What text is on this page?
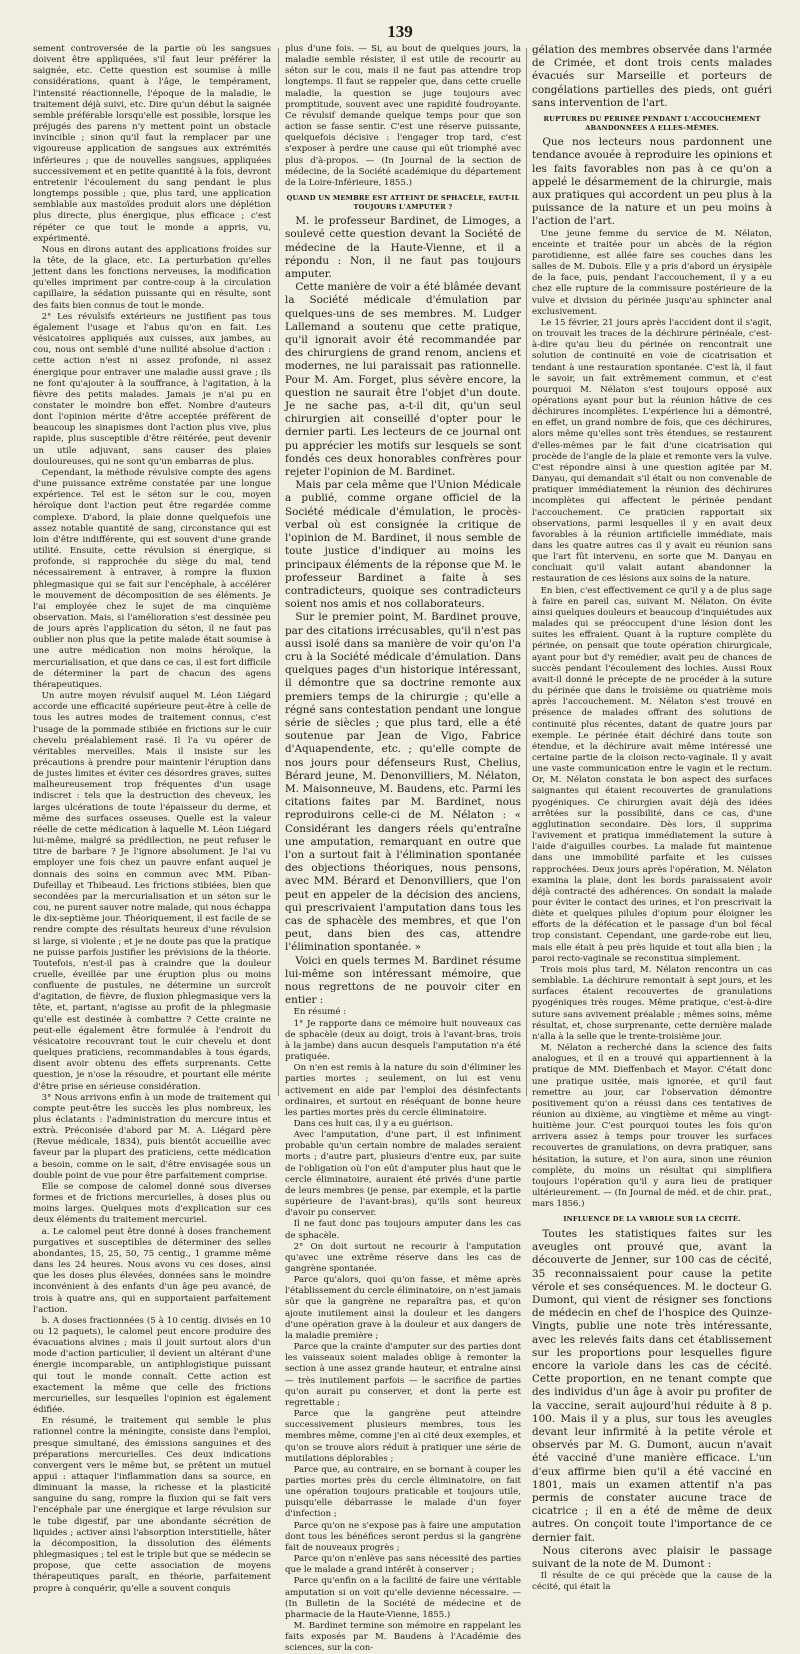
139

sement controversée de la partie où les sangsues doivent être appliquées, s'il faut leur préférer la saignée, etc. Cette question est soumise à mille considérations, quant à l'âge, le tempérament, l'intensité réactionnelle, l'époque de la maladie, le traitement déjà suivi, etc. Dire qu'un début la saignée semble préférable lorsqu'elle est possible, lorsque les préjugés des parens n'y mettent point un obstacle invincible ; sinon qu'il faut la remplacer par une vigoureuse application de sangsues aux extrémités inférieures ; que de nouvelles sangsues, appliquées successivement et en petite quantité à la fois, devront entretenir l'écoulement du sang pendant le plus longtemps possible ; que, plus tard, une application semblable aux mastoïdes produit alors une déplétion plus directe, plus énergique, plus efficace ; c'est répéter ce que tout le monde a appris, vu, expérimenté.

Nous en dirons autant des applications froides sur la tête, de la glace, etc. La perturbation qu'elles jettent dans les fonctions nerveuses, la modification qu'elles impriment par contre-coup à la circulation capillaire, la sédation puissante qui en résulte, sont des faits bien connus de tout le monde.

2° Les révulsifs extérieurs ne justifient pas tous également l'usage et l'abus qu'on en fait. Les vésicatoires appliqués aux cuisses, aux jambes, au cou, nous ont semblé d'une nullité absolue d'action : cette action n'est ni assez profonde, ni assez énergique pour entraver une maladie aussi grave ; ils ne font qu'ajouter à la souffrance, à l'agitation, à la fièvre des petits malades. Jamais je n'ai pu en constater le moindre bon effet. Nombre d'auteurs dont l'opinion mérite d'être acceptée préfèrent de beaucoup les sinapismes dont l'action plus vive, plus rapide, plus susceptible d'être réitérée, peut devenir un utile adjuvant, sans causer des plaies douloureuses, qui ne sont qu'un embarras de plus.

Cependant, la méthode révulsive compte des agens d'une puissance extrême constatée par une longue expérience. Tel est le séton sur le cou, moyen héroïque dont l'action peut être regardée comme complexe. D'abord, la plaie donne quelquefois une assez notable quantité de sang, circonstance qui est loin d'être indifférente, qui est souvent d'une grande utilité. Ensuite, cette révulsion si énergique, si profonde, si rapprochée du siège du mal, tend nécessairement à entraver, à rompre la fluxion phlegmasique qui se fait sur l'encéphale, à accélérer le mouvement de décomposition de ses éléments. Je l'ai employée chez le sujet de ma cinquième observation. Mais, si l'amélioration s'est dessinée peu de jours après l'application du séton, il ne faut pas oublier non plus que la petite malade était soumise à une autre médication non moins héroïque, la mercurialisation, et que dans ce cas, il est fort difficile de déterminer la part de chacun des agens thérapeutiques.

Un autre moyen révulsif auquel M. Léon Liégard accorde une efficacité supérieure peut-être à celle de tous les autres modes de traitement connus, c'est l'usage de la pommade stibiée en frictions sur le cuir chevelu préalablement rasé. Il l'a vu opérer de véritables merveilles. Mais il insiste sur les précautions à prendre pour maintenir l'éruption dans de justes limites et éviter ces désordres graves, suites malheureusement trop fréquentes d'un usage indiscret : tels que la destruction des cheveux, les larges ulcérations de toute l'épaisseur du derme, et même des surfaces osseuses. Quelle est la valeur réelle de cette médication à laquelle M. Léon Liégard lui-même, malgré sa prédilection, ne peut refuser le titre de barbare ? Je l'ignore absolument. Je l'ai vu employer une fois chez un pauvre enfant auquel je donnais des soins en commun avec MM. Piban-Dufeillay et Thibeaud. Les frictions stibiées, bien que secondées par la mercurialisation et un séton sur le cou, ne purent sauver notre malade, qui nous échappa le dix-septième jour. Théoriquement, il est facile de se rendre compte des résultats heureux d'une révulsion si large, si violente ; et je ne doute pas que la pratique ne puisse parfois justifier les prévisions de la théorie. Toutefois, n'est-il pas à craindre que la douleur cruelle, éveillée par une éruption plus ou moins confluente de pustules, ne détermine un surcroît d'agitation, de fièvre, de fluxion phlegmasique vers la tête, et, partant, n'agisse au profit de la phlegmasie qu'elle est destinée à combattre ? Cette crainte ne peut-elle également être formulée à l'endroit du vésicatoire recouvrant tout le cuir chevelu et dont quelques praticiens, recommandables à tous égards, disent avoir obtenu des effets surprenants. Cette question, je n'ose la résoudre, et pourtant elle mérite d'être prise en sérieuse considération.

3° Nous arrivons enfin à un mode de traitement qui compte peut-être les succès les plus nombreux, les plus éclatants : l'administration du mercure intus et extrà. Préconisée d'abord par M. A. Liégard père (Revue médicale, 1834), puis bientôt accueillie avec faveur par la plupart des praticiens, cette médication a besoin, comme on le sait, d'être envisagée sous un double point de vue pour être parfaitement comprise.

Elle se compose de calomel donné sous diverses formes et de frictions mercurielles, à doses plus ou moins larges. Quelques mots d'explication sur ces deux éléments du traitement mercuriel.

a. Le calomel peut être donné à doses franchement purgatives et susceptibles de déterminer des selles abondantes, 15, 25, 50, 75 centig., 1 gramme même dans les 24 heures. Nous avons vu ces doses, ainsi que les doses plus élevées, données sans le moindre inconvénient à des enfants d'un âge peu avancé, de trois à quatre ans, qui en supportaient parfaitement l'action.

b. A doses fractionnées (5 à 10 centig. divisés en 10 ou 12 paquets), le calomel peut encore produire des évacuations alvines ; mais il jouit surtout alors d'un mode d'action particulier, il devient un altérant d'une énergie incomparable, un antiphlogistique puissant qui tout le monde connaît. Cette action est exactement la même que celle des frictions mercurielles, sur lesquelles l'opinion est également édifiée.

En résumé, le traitement qui semble le plus rationnel contre la méningite, consiste dans l'emploi, presque simultané, des émissions sanguines et des préparations mercurielles. Ces deux indications convergent vers le même but, se prêtent un mutuel appui : attaquer l'inflammation dans sa source, en diminuant la masse, la richesse et la plasticité sanguine du sang, rompre la fluxion qui se fait vers l'encéphale par une énergique et large révulsion sur le tube digestif, par une abondante sécrétion de liquides ; activer ainsi l'absorption interstitielle, hâter la décomposition, la dissolution des éléments phlegmasiques ; tel est le triple but que se médecin se propose, que cette association de moyens thérapeutiques paraît, en théorie, parfaitement propre à conquérir, qu'elle a souvent conquis

plus d'une fois. — Si, au bout de quelques jours, la maladie semble résister, il est utile de recourir au séton sur le cou, mais il ne faut pas attendre trop longtemps. Il faut se rappeler que, dans cette cruelle maladie, la question se juge toujours avec promptitude, souvent avec une rapidité foudroyante. Ce révulsif demande quelque temps pour que son action se fasse sentir. C'est une réserve puissante, quelquefois décisive : l'engager trop tard, c'est s'exposer à perdre une cause qui eût triomphé avec plus d'à-propos. — (In Journal de la section de médecine, de la Société académique du département de la Loire-Inférieure, 1855.)

QUAND UN MEMBRE EST ATTEINT DE SPHACÈLE, FAUT-IL TOUJOURS L'AMPUTER ?

M. le professeur Bardinet, de Limoges, a soulevé cette question devant la Société de médecine de la Haute-Vienne, et il a répondu : Non, il ne faut pas toujours amputer.

Cette manière de voir a été blâmée devant la Société médicale d'émulation par quelques-uns de ses membres. M. Ludger Lallemand a soutenu que cette pratique, qu'il ignorait avoir été recommandée par des chirurgiens de grand renom, anciens et modernes, ne lui paraissait pas rationnelle. Pour M. Am. Forget, plus sévère encore, la question ne saurait être l'objet d'un doute. Je ne sache pas, a-t-il dit, qu'un seul chirurgien ait conseillé d'opter pour le dernier parti. Les lecteurs de ce journal ont pu apprécier les motifs sur lesquels se sont fondés ces deux honorables confrères pour rejeter l'opinion de M. Bardinet.

Mais par cela même que l'Union Médicale a publié, comme organe officiel de la Société médicale d'émulation, le procès-verbal où est consignée la critique de l'opinion de M. Bardinet, il nous semble de toute justice d'indiquer au moins les principaux éléments de la réponse que M. le professeur Bardinet a faite à ses contradicteurs, quoique ses contradicteurs soient nos amis et nos collaborateurs.

Sur le premier point, M. Bardinet prouve, par des citations irrécusables, qu'il n'est pas aussi isolé dans sa manière de voir qu'on l'a cru à la Société médicale d'émulation. Dans quelques pages d'un historique intéressant, il démontre que sa doctrine remonte aux premiers temps de la chirurgie ; qu'elle a régné sans contestation pendant une longue série de siècles ; que plus tard, elle a été soutenue par Jean de Vigo, Fabrice d'Aquapendente, etc. ; qu'elle compte de nos jours pour défenseurs Rust, Chelius, Bérard jeune, M. Denonvilliers, M. Nélaton, M. Maisonneuve, M. Baudens, etc. Parmi les citations faites par M. Bardinet, nous reproduirons celle-ci de M. Nélaton : « Considérant les dangers réels qu'entraîne une amputation, remarquant en outre que l'on a surtout fait à l'élimination spontanée des objections théoriques, nous pensons, avec MM. Bérard et Denonvilliers, que l'on peut en appeler de la décision des anciens, qui prescrivaient l'amputation dans tous les cas de sphacèle des membres, et que l'on peut, dans bien des cas, attendre l'élimination spontanée. »

Voici en quels termes M. Bardinet résume lui-même son intéressant mémoire, que nous regrettons de ne pouvoir citer en entier :

En résumé :

1° Je rapporte dans ce mémoire huit nouveaux cas de sphacèle (deux au doigt, trois à l'avant-bras, trois à la jambe) dans aucun desquels l'amputation n'a été pratiquée.

On n'en est remis à la nature du soin d'éliminer les parties mortes ; seulement, on lui est venu activement en aide par l'emploi des désinfectants ordinaires, et surtout en réséquant de bonne heure les parties mortes près du cercle éliminatoire.

Dans ces huit cas, il y a eu guérison.

Avec l'amputation, d'une part, il est infiniment probable qu'un certain nombre de malades seraient morts ; d'autre part, plusieurs d'entre eux, par suite de l'obligation où l'on eût d'amputer plus haut que le cercle éliminatoire, auraient été privés d'une partie de leurs membres (je pense, par exemple, et la partie supérieure de l'avant-bras), qu'ils sont heureux d'avoir pu conserver.

Il ne faut donc pas toujours amputer dans les cas de sphacèle.

2° On doit surtout ne recourir à l'amputation qu'avec une extrême réserve dans les cas de gangrène spontanée.

Parce qu'alors, quoi qu'on fasse, et même après l'établissement du cercle éliminatoire, on n'est jamais sûr que la gangrène ne reparaîtra pas, et qu'on ajoute inutilement ainsi la douleur et les dangers d'une opération grave à la douleur et aux dangers de la maladie première ;

Parce que la crainte d'amputer sur des parties dont les vaisseaux soient malades oblige à remonter la section à une assez grande hauteur, et entraîne ainsi — très inutilement parfois — le sacrifice de parties qu'on aurait pu conserver, et dont la perte est regrettable ;

Parce que la gangrène peut atteindre successivement plusieurs membres, tous les membres même, comme j'en ai cité deux exemples, et qu'on se trouve alors réduit à pratiquer une série de mutilations déplorables ;

Parce que, au contraire, en se bornant à couper les parties mortes près du cercle éliminatoire, on fait une opération toujours praticable et toujours utile, puisqu'elle débarrasse le malade d'un foyer d'infection ;

Parce qu'on ne s'expose pas à faire une amputation dont tous les bénéfices seront perdus si la gangrène fait de nouveaux progrès ;

Parce qu'on n'enlève pas sans nécessité des parties que le malade a grand intérêt à conserver ;

Parce qu'enfin on a la facilité de faire une véritable amputation si on voit qu'elle devienne nécessaire. — (In Bulletin de la Société de médecine et de pharmacie de la Haute-Vienne, 1855.)

M. Bardinet termine son mémoire en rappelant les faits exposés par M. Baudens à l'Académie des sciences, sur la con-

gélation des membres observée dans l'armée de Crimée, et dont trois cents malades évacués sur Marseille et porteurs de congélations partielles des pieds, ont guéri sans intervention de l'art.

RUPTURES DU PÉRINÉE PENDANT L'ACCOUCHEMENT ABANDONNÉES À ELLES-MÊMES.

Que nos lecteurs nous pardonnent une tendance avouée à reproduire les opinions et les faits favorables non pas à ce qu'on a appelé le désarmement de la chirurgie, mais aux pratiques qui accordent un peu plus à la puissance de la nature et un peu moins à l'action de l'art.

Une jeune femme du service de M. Nélaton, enceinte et traitée pour un abcès de la région parotidienne, est allée faire ses couches dans les salles de M. Dubois. Elle y a pris d'abord un érysipèle de la face, puis, pendant l'accouchement, il y a eu chez elle rupture de la commissure postérieure de la vulve et division du périnée jusqu'au sphincter anal exclusivement.

Le 15 février, 21 jours après l'accident dont il s'agit, on trouvait les traces de la déchirure périnéale, c'est-à-dire qu'au lieu du périnée on rencontrait une solution de continuité en voie de cicatrisation et tendant à une restauration spontanée. C'est là, il faut le savoir, un fait extrêmement commun, et c'est pourquoi M. Nélaton s'est toujours opposé aux opérations ayant pour but la réunion hâtive de ces déchirures incomplètes. L'expérience lui a démontré, en effet, un grand nombre de fois, que ces déchirures, alors même qu'elles sont très étendues, se restaurent d'elles-mêmes par le fait d'une cicatrisation qui procède de l'angle de la plaie et remonte vers la vulve. C'est répondre ainsi à une question agitée par M. Danyau, qui demandait s'il était ou non convenable de pratiquer immédiatement la réunion des déchirures incomplètes qui affectent le périnée pendant l'accouchement. Ce praticien rapportait six observations, parmi lesquelles il y en avait deux favorables à la réunion artificielle immédiate, mais dans les quatre autres cas il y avait eu réunion sans que l'art fût intervenu, en sorte que M. Danyau en concluait qu'il valait autant abandonner la restauration de ces lésions aux soins de la nature.

En bien, c'est effectivement ce qu'il y a de plus sage à faire en pareil cas, suivant M. Nélaton. On évite ainsi quelques douleurs et beaucoup d'inquiétudes aux malades qui se préoccupent d'une lésion dont les suites les effraient. Quant à la rupture complète du périnée, on pensait que toute opération chirurgicale, ayant pour but d'y remédier, avait peu de chances de succès pendant l'écoulement des lochies. Aussi Roux avait-il donné le précepte de ne procéder à la suture du périnée que dans le troisième ou quatrième mois après l'accouchement. M. Nélaton s'est trouvé en présence de malades offrant des solutions de continuité plus récentes, datant de quatre jours par exemple. Le périnée était déchiré dans toute son étendue, et la déchirure avait même intéressé une certaine partie de la cloison recto-vaginale. Il y avait une vaste communication entre le vagin et le rectum. Or, M. Nélaton constata le bon aspect des surfaces saignantes qui étaient recouvertes de granulations pyogéniques. Ce chirurgien avait déjà des idées arrêtées sur la possibilité, dans ce cas, d'une agglutination secondaire. Dès lors, il supprima l'avivement et pratiqua immédiatement la suture à l'aide d'aiguilles courbes. La malade fut maintenue dans une immobilité parfaite et les cuisses rapprochées. Deux jours après l'opération, M. Nélaton examina la plaie, dont les bords paraissaient avoir déjà contracté des adhérences. On sondait la malade pour éviter le contact des urines, et l'on prescrivait la diète et quelques pilules d'opium pour éloigner les efforts de la défécation et le passage d'un bol fécal trop consistant. Cependant, une garde-robe eut lieu, mais elle était à peu près liquide et tout alla bien ; la paroi recto-vaginale se reconstitua simplement.

Trois mois plus tard, M. Nélaton rencontra un cas semblable. La déchirure remontait à sept jours, et les surfaces étaient recouvertes de granulations pyogéniques très rouges. Même pratique, c'est-à-dire suture sans avivement préalable ; mêmes soins, même résultat, et, chose surprenante, cette dernière malade n'alla à la selle que le trente-troisième jour.

M. Nélaton a recherché dans la science des faits analogues, et il en a trouvé qui appartiennent à la pratique de MM. Dieffenbach et Mayor. C'était donc une pratique usitée, mais ignorée, et qu'il faut remettre au jour, car l'observation démontre positivement qu'on a réussi dans ces tentatives de réunion au dixième, au vingtième et même au vingt-huitième jour. C'est pourquoi toutes les fois qu'on arrivera assez à temps pour trouver les surfaces recouvertes de granulations, on devra pratiquer, sans hésitation, la suture, et l'on aura, sinon une réunion complète, du moins un résultat qui simplifiera toujours l'opération qu'il y aura lieu de pratiquer ultérieurement. — (In Journal de méd. et de chir. prat., mars 1856.)

INFLUENCE DE LA VARIOLE SUR LA CÉCITÉ.

Toutes les statistiques faites sur les aveugles ont prouvé que, avant la découverte de Jenner, sur 100 cas de cécité, 35 reconnaissaient pour cause la petite vérole et ses conséquences. M. le docteur G. Dumont, qui vient de résigner ses fonctions de médecin en chef de l'hospice des Quinze-Vingts, publie une note très intéressante, avec les relevés faits dans cet établissement sur les proportions pour lesquelles figure encore la variole dans les cas de cécité. Cette proportion, en ne tenant compte que des individus d'un âge à avoir pu profiter de la vaccine, serait aujourd'hui réduite à 8 p. 100. Mais il y a plus, sur tous les aveugles devant leur infirmité à la petite vérole et observés par M. G. Dumont, aucun n'avait été vacciné d'une manière efficace. L'un d'eux affirme bien qu'il a été vacciné en 1801, mais un examen attentif n'a pas permis de constater aucune trace de cicatrice ; il en a été de même de deux autres. On conçoit toute l'importance de ce dernier fait.

Nous citerons avec plaisir le passage suivant de la note de M. Dumont :

Il résulte de ce qui précède que la cause de la cécité, qui était la
